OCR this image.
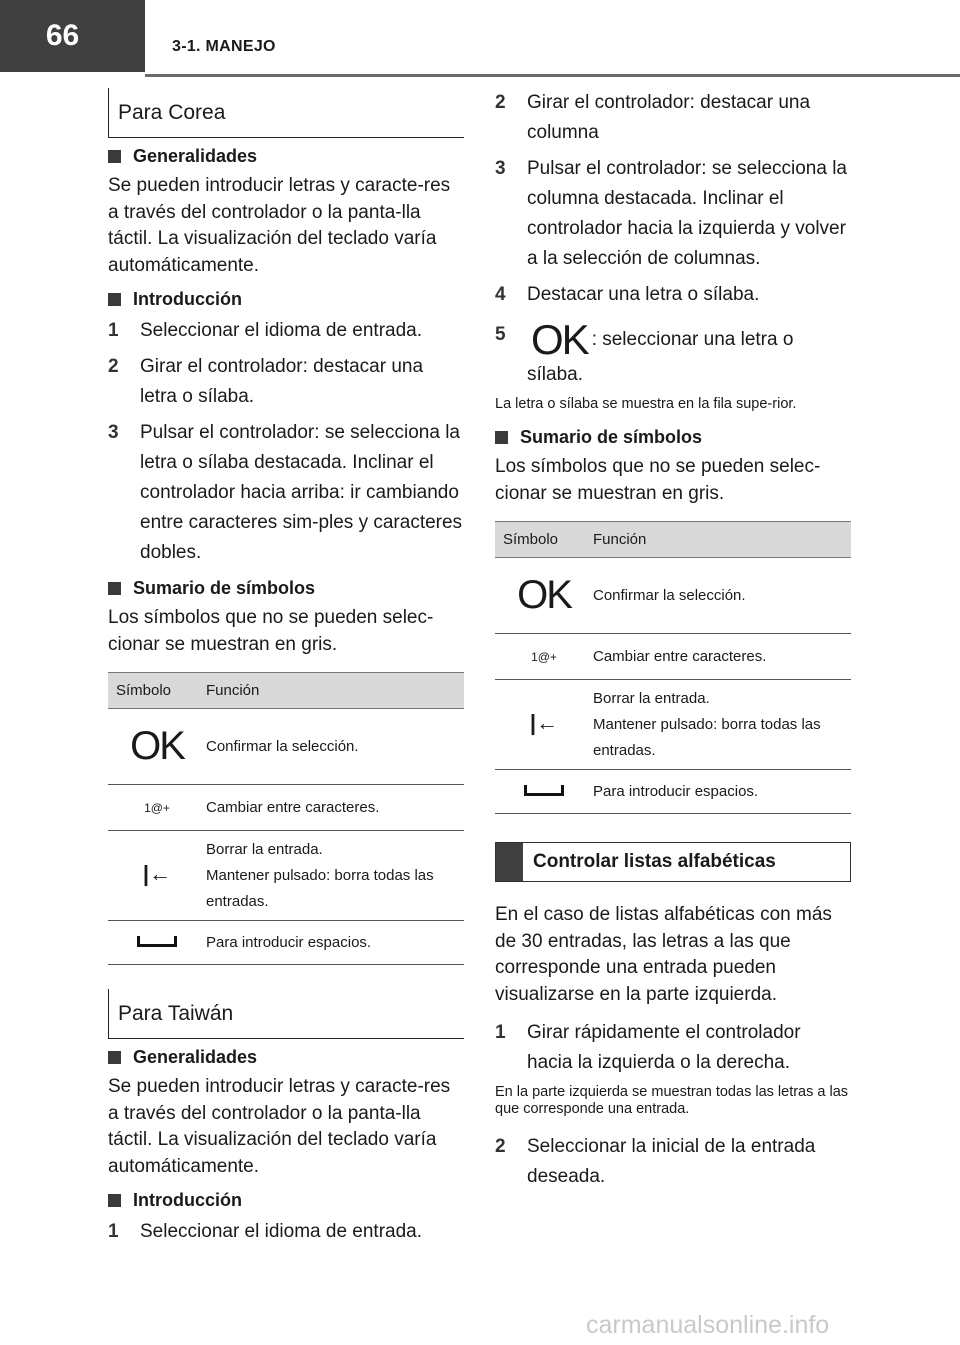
66	3-1. MANEJO
Para Corea
Generalidades

Se pueden introducir letras y caracte-res a través del controlador o la panta-lla táctil. La visualización del teclado varía automáticamente.

Introducción
1	Seleccionar el idioma de entrada.
2	Girar el controlador: destacar una letra o sílaba.
3	Pulsar el controlador: se selecciona la letra o sílaba destacada. Inclinar el controlador hacia arriba: ir cambiando entre caracteres sim-ples y caracteres dobles.
Sumario de símbolos

Los símbolos que no se pueden selec-cionar se muestran en gris.

Símbolo	Función
OK	Confirmar la selección.
1@+	Cambiar entre caracteres.
|←	Borrar la entrada.
Mantener pulsado: borra todas las entradas.

	Para introducir espacios.
Para Taiwán
Generalidades

Se pueden introducir letras y caracte-res a través del controlador o la panta-lla táctil. La visualización del teclado varía automáticamente.

Introducción
1	Seleccionar el idioma de entrada.
2	Girar el controlador: destacar una columna
3	Pulsar el controlador: se selecciona la columna destacada. Inclinar el controlador hacia la izquierda y volver a la selección de columnas.
4	Destacar una letra o sílaba.
5 OK : seleccionar una letra o sílaba.

La letra o sílaba se muestra en la fila supe-rior.

Sumario de símbolos

Los símbolos que no se pueden selec-cionar se muestran en gris.

Símbolo	Función
OK	Confirmar la selección.
1@+	Cambiar entre caracteres.
|←	Borrar la entrada.
Mantener pulsado: borra todas las entradas.

	Para introducir espacios.
Controlar listas alfabéticas

En el caso de listas alfabéticas con más de 30 entradas, las letras a las que corresponde una entrada pueden visualizarse en la parte izquierda.

1	Girar rápidamente el controlador hacia la izquierda o la derecha.

En la parte izquierda se muestran todas las letras a las que corresponde una entrada.

2	Seleccionar la inicial de la entrada deseada.
carmanualsonline.info
